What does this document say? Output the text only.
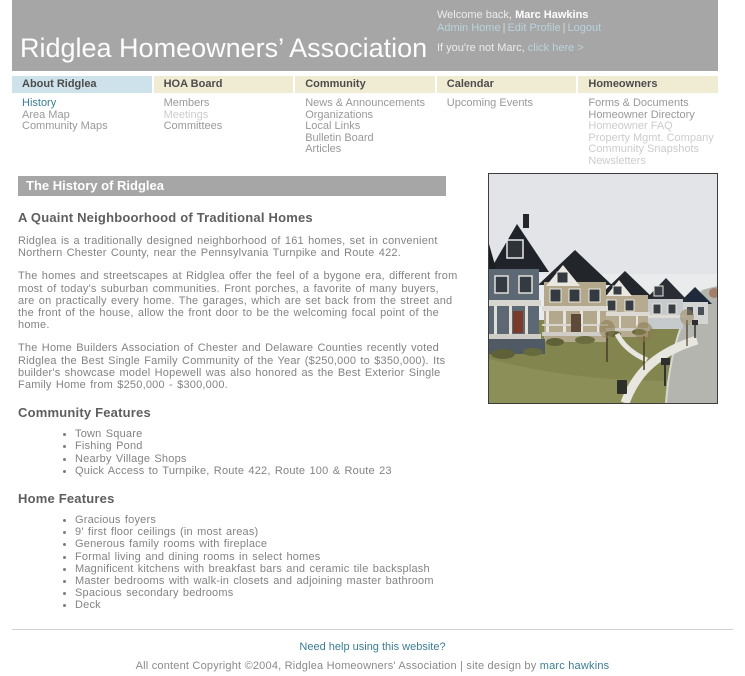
Ridglea Homeowners’ Association
Welcome back, Marc Hawkins
Admin Home | Edit Profile | Logout
If you're not Marc, click here >
About Ridglea	HOA Board	Community	Calendar	Homeowners
History
Area Map
Community Maps
Members
Meetings
Committees
News & Announcements
Organizations
Local Links
Bulletin Board
Articles
Upcoming Events	Forms & Documents
Homeowner Directory
Homeowner FAQ
Property Mgmt. Company
Community Snapshots
Newsletters
The History of Ridglea
A Quaint Neighboorhood of Traditional Homes

Ridglea is a traditionally designed neighborhood of 161 homes, set in convenient Northern Chester County, near the Pennsylvania Turnpike and Route 422.

The homes and streetscapes at Ridglea offer the feel of a bygone era, different from most of today's suburban communities. Front porches, a favorite of many buyers, are on practically every home. The garages, which are set back from the street and the front of the house, allow the front door to be the welcoming focal point of the home.

The Home Builders Association of Chester and Delaware Counties recently voted Ridglea the Best Single Family Community of the Year ($250,000 to $350,000). Its builder's showcase model Hopewell was also honored as the Best Exterior Single Family Home from $250,000 - $300,000.

Community Features
• Town Square
• Fishing Pond
• Nearby Village Shops
• Quick Access to Turnpike, Route 422, Route 100 & Route 23
Home Features
• Gracious foyers
• 9' first floor ceilings (in most areas)
• Generous family rooms with fireplace
• Formal living and dining rooms in select homes
• Magnificent kitchens with breakfast bars and ceramic tile backsplash
• Master bedrooms with walk-in closets and adjoining master bathroom
• Spacious secondary bedrooms
• Deck
Need help using this website?
All content Copyright ©2004, Ridglea Homeowners' Association | site design by marc hawkins
